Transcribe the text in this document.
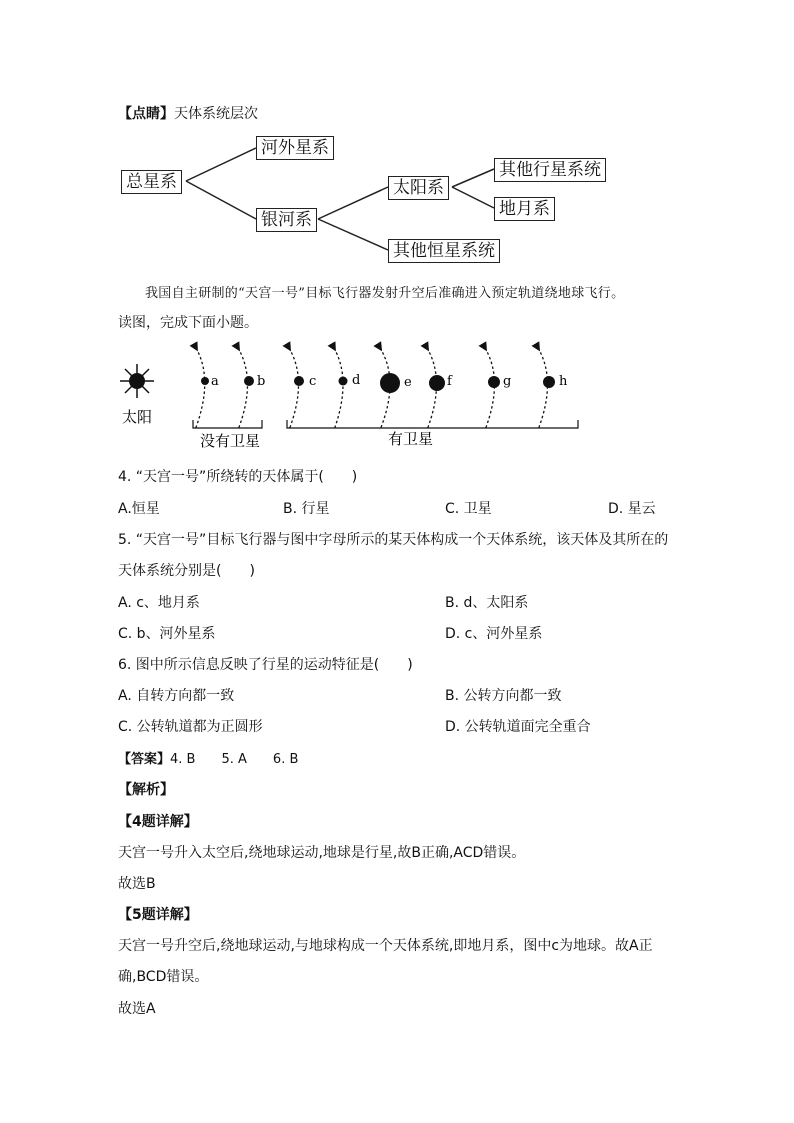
【点睛】天体系统层次
总星系
河外星系
银河系
太阳系
其他恒星系统
其他行星系统
地月系
我国自主研制的“天宫一号”目标飞行器发射升空后准确进入预定轨道绕地球飞行。
读图，完成下面小题。
太阳
a	b	c	d	e	f	g	h
没有卫星	有卫星
4. “天宫一号”所绕转的天体属于(　　)
A.恒星	B. 行星	C. 卫星	D. 星云
5. “天宫一号”目标飞行器与图中字母所示的某天体构成一个天体系统，该天体及其所在的
天体系统分别是(　　)
A. c、地月系	B. d、太阳系
C. b、河外星系	D. c、河外星系
6. 图中所示信息反映了行星的运动特征是(　　)
A. 自转方向都一致	B. 公转方向都一致
C. 公转轨道都为正圆形	D. 公转轨道面完全重合
【答案】4. B 5. A 6. B
【解析】
【4题详解】
天宫一号升入太空后,绕地球运动,地球是行星,故B正确,ACD错误。
故选B
【5题详解】
天宫一号升空后,绕地球运动,与地球构成一个天体系统,即地月系，图中c为地球。故A正
确,BCD错误。
故选A
